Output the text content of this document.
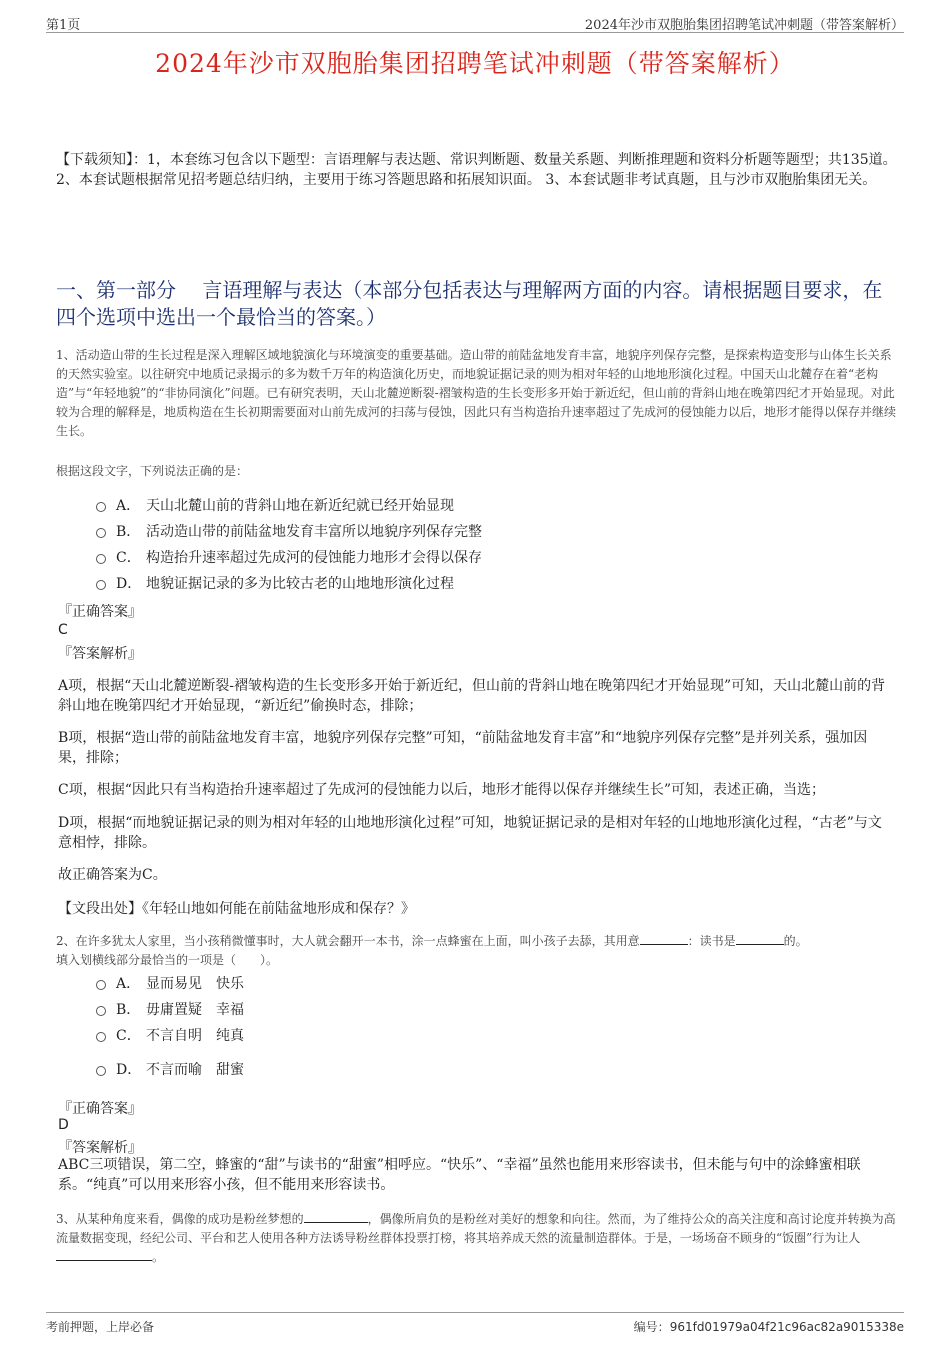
第1页	2024年沙市双胞胎集团招聘笔试冲刺题（带答案解析）
2024年沙市双胞胎集团招聘笔试冲刺题（带答案解析）
【下载须知】：1，本套练习包含以下题型：言语理解与表达题、常识判断题、数量关系题、判断推理题和资料分析题等题型；共135道。 2、本套试题根据常见招考题总结归纳，主要用于练习答题思路和拓展知识面。 3、本套试题非考试真题，且与沙市双胞胎集团无关。
一、第一部分　 言语理解与表达（本部分包括表达与理解两方面的内容。请根据题目要求，在四个选项中选出一个最恰当的答案。）
1、活动造山带的生长过程是深入理解区域地貌演化与环境演变的重要基础。造山带的前陆盆地发育丰富，地貌序列保存完整，是探索构造变形与山体生长关系的天然实验室。以往研究中地质记录揭示的多为数千万年的构造演化历史，而地貌证据记录的则为相对年轻的山地地形演化过程。中国天山北麓存在着“老构造”与“年轻地貌”的“非协同演化”问题。已有研究表明，天山北麓逆断裂-褶皱构造的生长变形多开始于新近纪，但山前的背斜山地在晚第四纪才开始显现。对此较为合理的解释是，地质构造在生长初期需要面对山前先成河的扫荡与侵蚀，因此只有当构造抬升速率超过了先成河的侵蚀能力以后，地形才能得以保存并继续生长。
根据这段文字，下列说法正确的是：
A． 天山北麓山前的背斜山地在新近纪就已经开始显现
B． 活动造山带的前陆盆地发育丰富所以地貌序列保存完整
C． 构造抬升速率超过先成河的侵蚀能力地形才会得以保存
D． 地貌证据记录的多为比较古老的山地地形演化过程
『正确答案』
C
『答案解析』
A项，根据“天山北麓逆断裂-褶皱构造的生长变形多开始于新近纪，但山前的背斜山地在晚第四纪才开始显现”可知，天山北麓山前的背斜山地在晚第四纪才开始显现，“新近纪”偷换时态，排除；
B项，根据“造山带的前陆盆地发育丰富，地貌序列保存完整”可知，“前陆盆地发育丰富”和“地貌序列保存完整”是并列关系，强加因果，排除；
C项，根据“因此只有当构造抬升速率超过了先成河的侵蚀能力以后，地形才能得以保存并继续生长”可知，表述正确，当选；
D项，根据“而地貌证据记录的则为相对年轻的山地地形演化过程”可知，地貌证据记录的是相对年轻的山地地形演化过程，“古老”与文意相悖，排除。
故正确答案为C。
【文段出处】《年轻山地如何能在前陆盆地形成和保存？》
2、在许多犹太人家里，当小孩稍微懂事时，大人就会翻开一本书，涂一点蜂蜜在上面，叫小孩子去舔，其用意	：读书是	的。
填入划横线部分最恰当的一项是（　　）。
A． 显而易见　快乐
B． 毋庸置疑　幸福
C． 不言自明　纯真
D． 不言而喻　甜蜜
『正确答案』
D
『答案解析』
ABC三项错误，第二空，蜂蜜的“甜”与读书的“甜蜜”相呼应。“快乐”、“幸福”虽然也能用来形容读书，但未能与句中的涂蜂蜜相联系。“纯真”可以用来形容小孩，但不能用来形容读书。
3、从某种角度来看，偶像的成功是粉丝梦想的	，偶像所肩负的是粉丝对美好的想象和向往。然而，为了维持公众的高关注度和高讨论度并转换为高流量数据变现，经纪公司、平台和艺人使用各种方法诱导粉丝群体投票打榜，将其培养成天然的流量制造群体。于是，一场场奋不顾身的“饭圈”行为让人。
考前押题，上岸必备	编号：961fd01979a04f21c96ac82a9015338e
